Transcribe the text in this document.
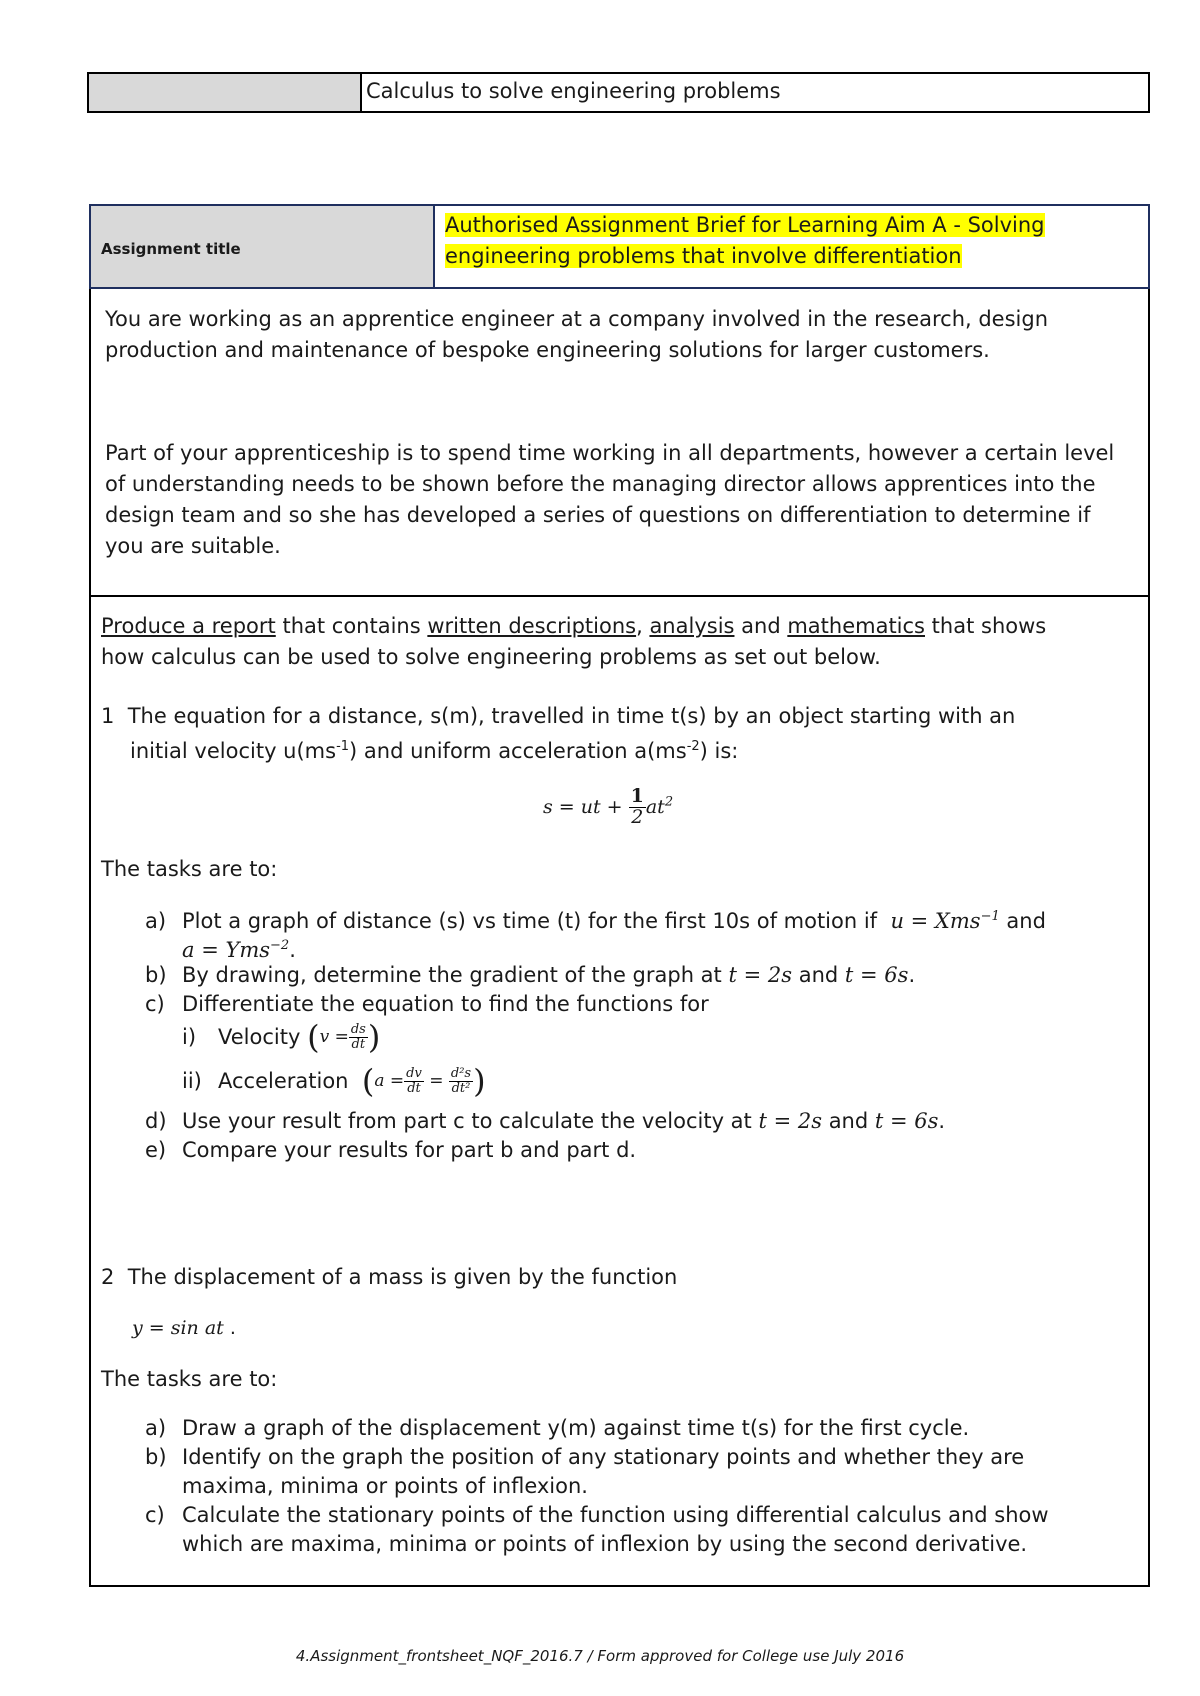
Calculus to solve engineering problems
Assignment title
Authorised Assignment Brief for Learning Aim A - Solving
engineering problems that involve differentiation

You are working as an apprentice engineer at a company involved in the research, design production and maintenance of bespoke engineering solutions for larger customers.

Part of your apprenticeship is to spend time working in all departments, however a certain level of understanding needs to be shown before the managing director allows apprentices into the design team and so she has developed a series of questions on differentiation to determine if you are suitable.

Produce a report that contains written descriptions, analysis and mathematics that shows
how calculus can be used to solve engineering problems as set out below.
1 The equation for a distance, s(m), travelled in time t(s) by an object starting with an
initial velocity $u(ms^{-1})$ and uniform acceleration $a(ms^{-2})$ is:
s = ut + $\frac{1}{2} at^2$
The tasks are to:
a) Plot a graph of distance (s) vs time (t) for the first 10s of motion if u = Xms$^{-1}$ and
a = Yms$^{-2}$.
b) By drawing, determine the gradient of the graph at t = 2s and t = 6s.
c) Differentiate the equation to find the functions for
i)	Velocity
( $v = \frac{ds}{dt}$ )
ii) Acceleration
( $a = \frac{dv}{dt} = \frac{\text{d²s}}{\text{dt²}}$ )
d) Use your result from part c to calculate the velocity at t = 2s and t = 6s.
e) Compare your results for part b and part d.
2 The displacement of a mass is given by the function
y = sin at .
The tasks are to:
a) Draw a graph of the displacement y(m) against time t(s) for the first cycle.
b) Identify on the graph the position of any stationary points and whether they are
maxima, minima or points of inflexion.
c) Calculate the stationary points of the function using differential calculus and show
which are maxima, minima or points of inflexion by using the second derivative.
4.Assignment_frontsheet_NQF_2016.7 / Form approved for College use July 2016
